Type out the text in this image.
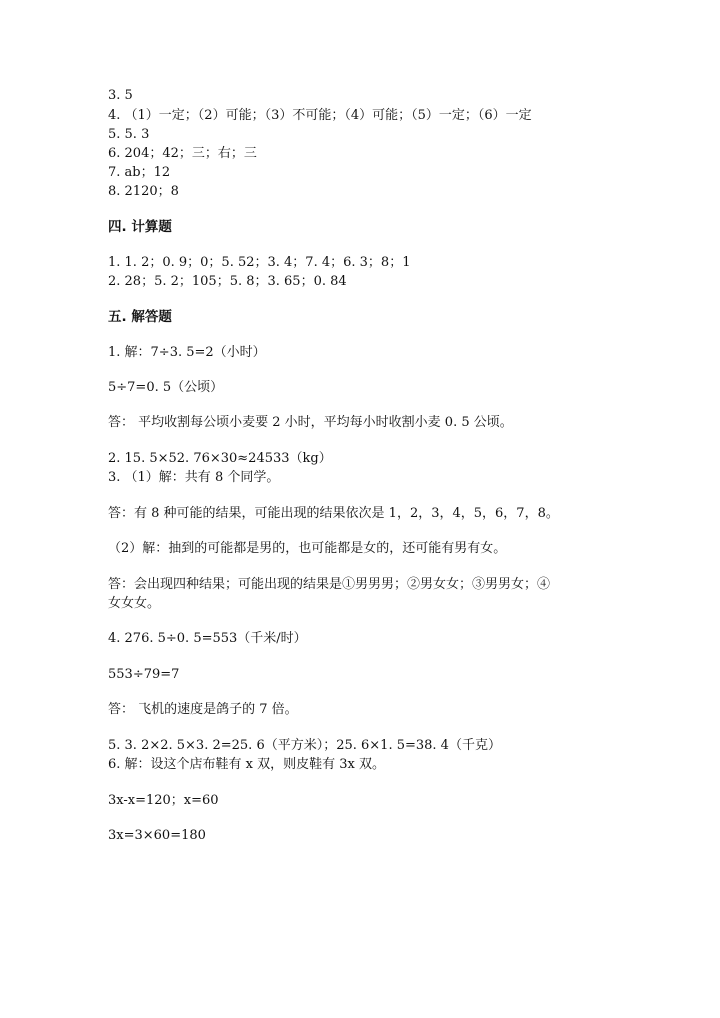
3. 5
4. （1）一定；（2）可能；（3）不可能；（4）可能；（5）一定；（6）一定
5. 5. 3
6. 204；42；三；右；三
7. ab；12
8. 2120；8
四. 计算题
1. 1. 2；0. 9；0；5. 52；3. 4；7. 4；6. 3；8；1
2. 28；5. 2；105；5. 8；3. 65；0. 84
五. 解答题
1. 解：7÷3. 5=2（小时）
5÷7=0. 5（公顷）
答： 平均收割每公顷小麦要 2 小时，平均每小时收割小麦 0. 5 公顷。
2. 15. 5×52. 76×30≈24533（kg）
3. （1）解：共有 8 个同学。
答：有 8 种可能的结果，可能出现的结果依次是 1，2，3，4，5，6，7，8。
（2）解：抽到的可能都是男的，也可能都是女的，还可能有男有女。
答：会出现四种结果；可能出现的结果是①男男男；②男女女；③男男女；④
女女女。
4. 276. 5÷0. 5=553（千米/时）
553÷79=7
答： 飞机的速度是鸽子的 7 倍。
5. 3. 2×2. 5×3. 2=25. 6（平方米）；25. 6×1. 5=38. 4（千克）
6. 解：设这个店布鞋有 x 双，则皮鞋有 3x 双。
3x-x=120；x=60
3x=3×60=180
